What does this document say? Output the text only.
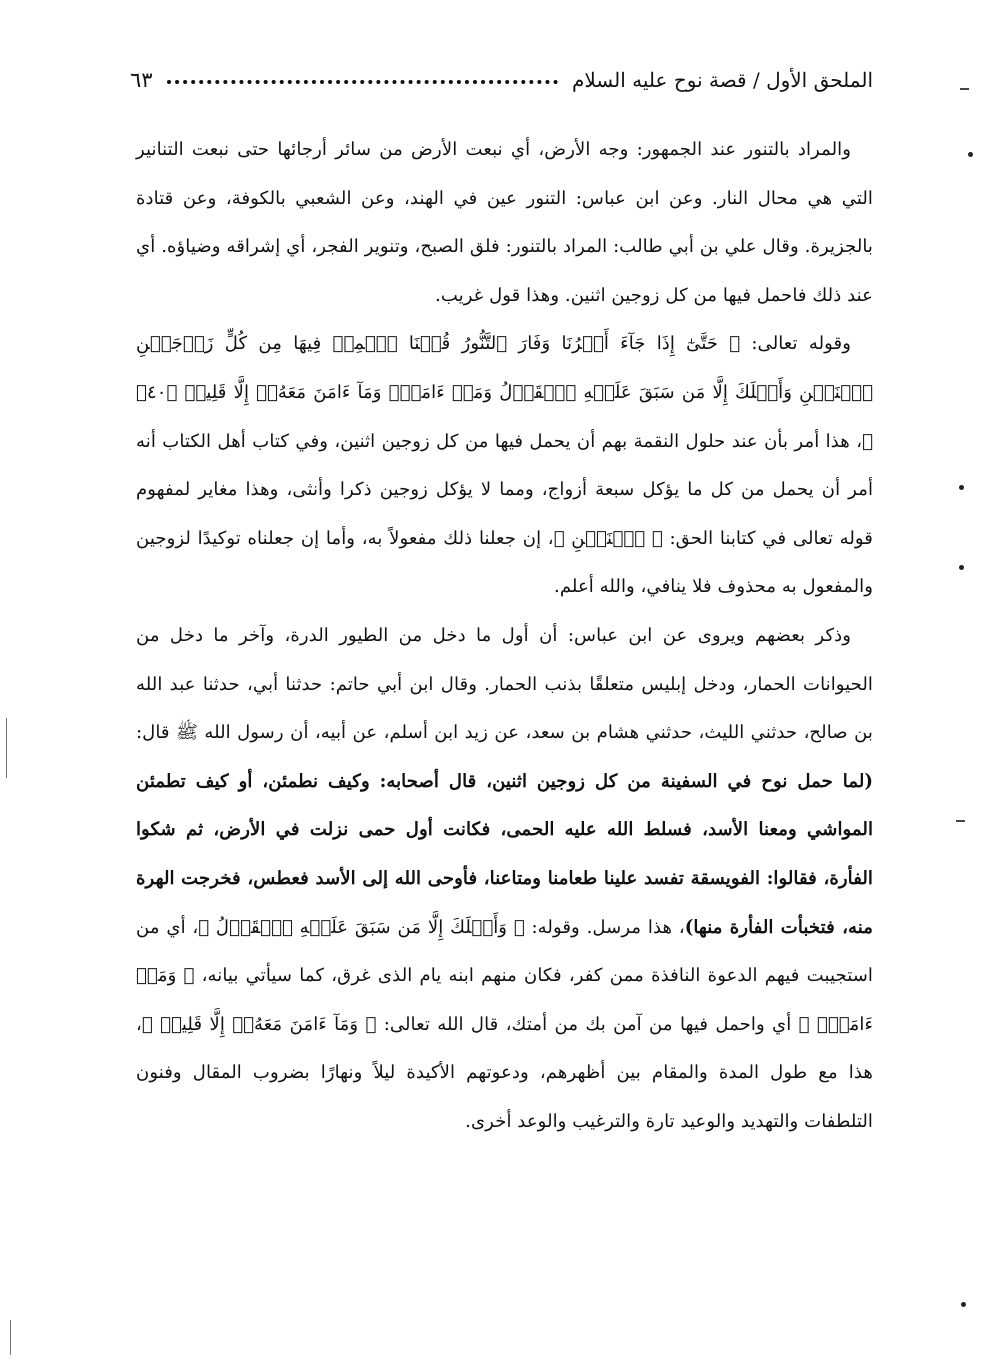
الملحق الأول / قصة نوح عليه السلام
٦٣

والمراد بالتنور عند الجمهور: وجه الأرض، أي نبعت الأرض من سائر أرجائها حتى نبعت التنانير التي هي محال النار. وعن ابن عباس: التنور عين في الهند، وعن الشعبي بالكوفة، وعن قتادة بالجزيرة. وقال علي بن أبي طالب: المراد بالتنور: فلق الصبح، وتنوير الفجر، أي إشراقه وضياؤه. أي عند ذلك فاحمل فيها من كل زوجين اثنين. وهذا قول غريب.

وقوله تعالى: ﴿ حَتَّىٰٓ إِذَا جَآءَ أَمۡرُنَا وَفَارَ ٱلتَّنُّورُ قُلۡنَا ٱحۡمِلۡ فِيهَا مِن كُلٍّ زَوۡجَيۡنِ ٱثۡنَيۡنِ وَأَهۡلَكَ إِلَّا مَن سَبَقَ عَلَيۡهِ ٱلۡقَوۡلُ وَمَنۡ ءَامَنَۚ وَمَآ ءَامَنَ مَعَهُۥٓ إِلَّا قَلِيلٞ ﴿٤٠﴾ ﴾، هذا أمر بأن عند حلول النقمة بهم أن يحمل فيها من كل زوجين اثنين، وفي كتاب أهل الكتاب أنه أمر أن يحمل من كل ما يؤكل سبعة أزواج، ومما لا يؤكل زوجين ذكرا وأنثى، وهذا مغاير لمفهوم قوله تعالى في كتابنا الحق: ﴿ ٱثۡنَيۡنِ ﴾، إن جعلنا ذلك مفعولاً به، وأما إن جعلناه توكيدًا لزوجين والمفعول به محذوف فلا ينافي، والله أعلم.

وذكر بعضهم ويروى عن ابن عباس: أن أول ما دخل من الطيور الدرة، وآخر ما دخل من الحيوانات الحمار، ودخل إبليس متعلقًا بذنب الحمار. وقال ابن أبي حاتم: حدثنا أبي، حدثنا عبد الله بن صالح، حدثني الليث، حدثني هشام بن سعد، عن زيد ابن أسلم، عن أبيه، أن رسول الله ﷺ قال: (لما حمل نوح في السفينة من كل زوجين اثنين، قال أصحابه: وكيف نطمئن، أو كيف تطمئن المواشي ومعنا الأسد، فسلط الله عليه الحمى، فكانت أول حمى نزلت في الأرض، ثم شكوا الفأرة، فقالوا: الفويسقة تفسد علينا طعامنا ومتاعنا، فأوحى الله إلى الأسد فعطس، فخرجت الهرة منه، فتخبأت الفأرة منها)، هذا مرسل. وقوله: ﴿ وَأَهۡلَكَ إِلَّا مَن سَبَقَ عَلَيۡهِ ٱلۡقَوۡلُ ﴾، أي من استجيبت فيهم الدعوة النافذة ممن كفر، فكان منهم ابنه يام الذى غرق، كما سيأتي بيانه، ﴿ وَمَنۡ ءَامَنَۚ ﴾ أي واحمل فيها من آمن بك من أمتك، قال الله تعالى: ﴿ وَمَآ ءَامَنَ مَعَهُۥٓ إِلَّا قَلِيلٞ ﴾، هذا مع طول المدة والمقام بين أظهرهم، ودعوتهم الأكيدة ليلاً ونهارًا بضروب المقال وفنون التلطفات والتهديد والوعيد تارة والترغيب والوعد أخرى.
